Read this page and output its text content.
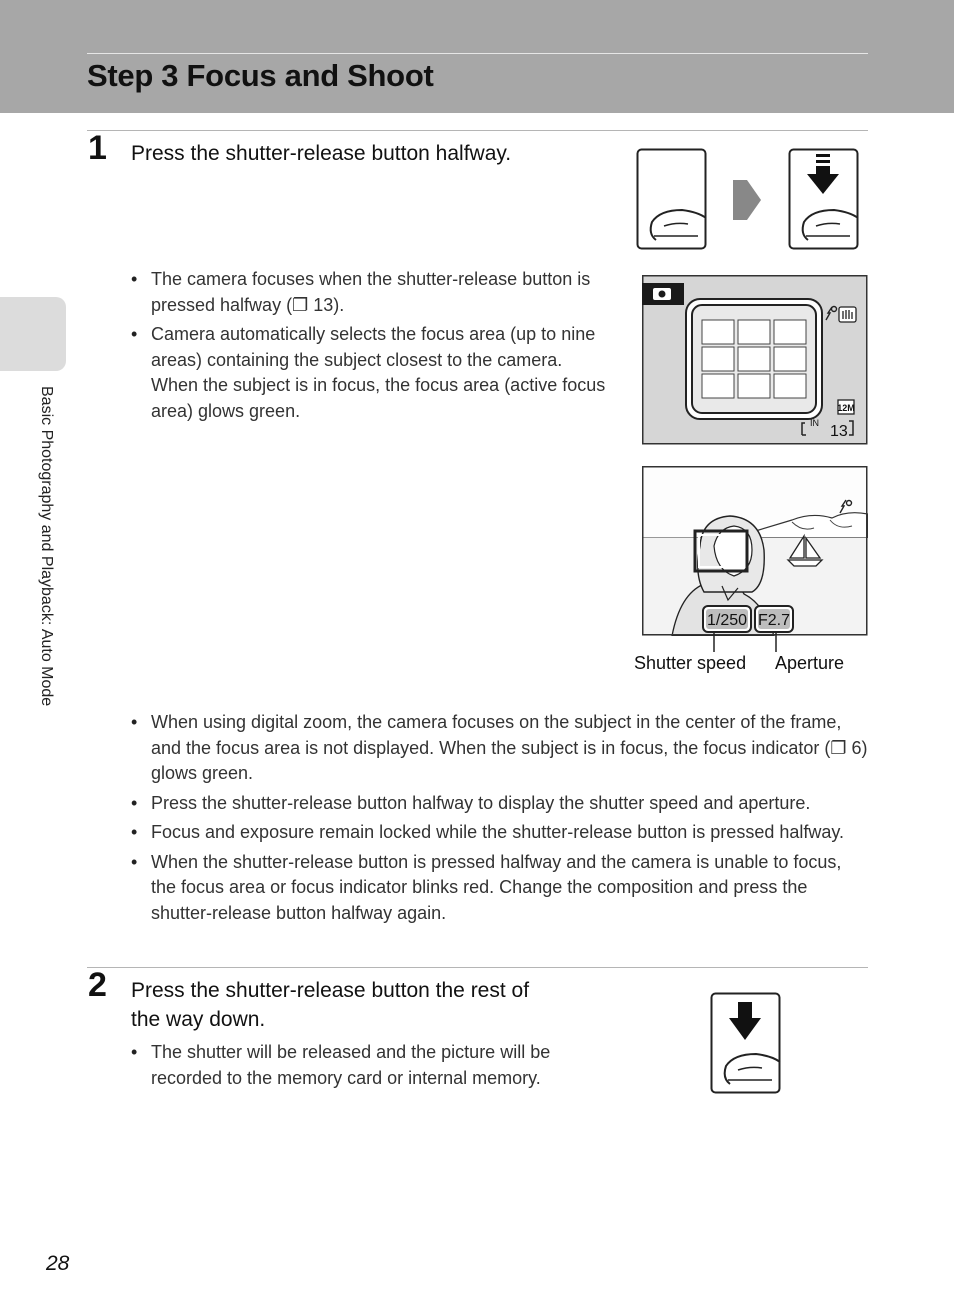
Step 3 Focus and Shoot
Basic Photography and Playback: Auto Mode
1 Press the shutter-release button halfway.

• The camera focuses when the shutter-release button is pressed halfway (❐ 13).
• Camera automatically selects the focus area (up to nine areas) containing the subject closest to the camera. When the subject is in focus, the focus area (active focus area) glows green.	12M
IN 13
1/250 F2.7
Shutter speed Aperture
• When using digital zoom, the camera focuses on the subject in the center of the frame, and the focus area is not displayed. When the subject is in focus, the focus indicator (❐ 6) glows green.
• Press the shutter-release button halfway to display the shutter speed and aperture.
• Focus and exposure remain locked while the shutter-release button is pressed halfway.
• When the shutter-release button is pressed halfway and the camera is unable to focus, the focus area or focus indicator blinks red. Change the composition and press the shutter-release button halfway again.
2 Press the shutter-release button the rest of

the way down.

• The shutter will be released and the picture will be recorded to the memory card or internal memory.
28
